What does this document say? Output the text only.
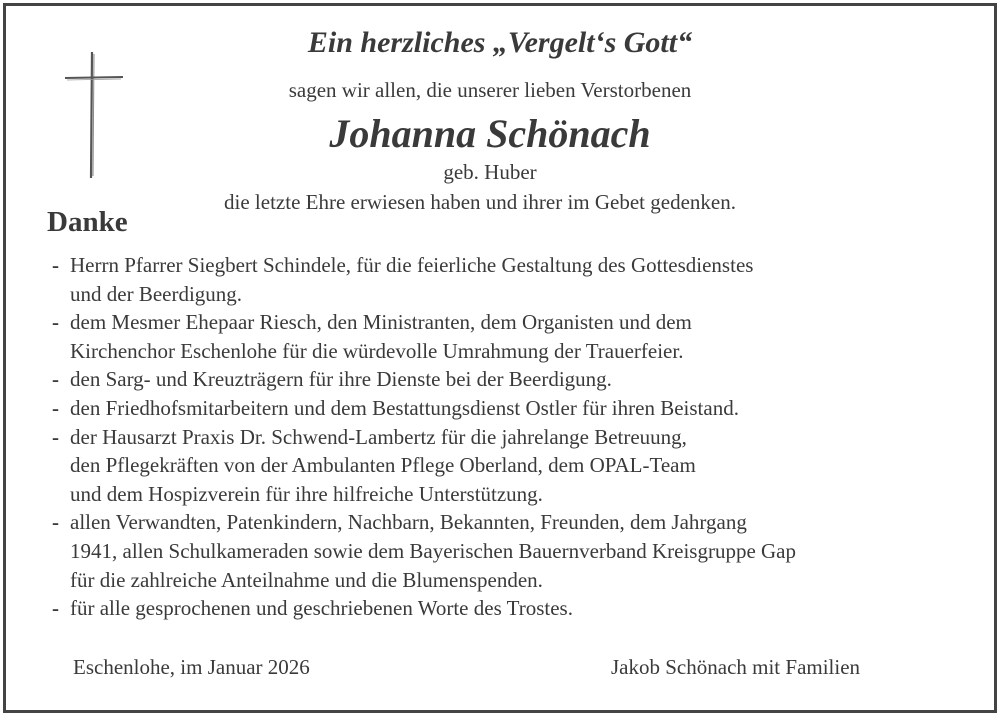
Ein herzliches „Vergelt‘s Gott“
sagen wir allen, die unserer lieben Verstorbenen
Johanna Schönach
geb. Huber
die letzte Ehre erwiesen haben und ihrer im Gebet gedenken.
Danke
- Herrn Pfarrer Siegbert Schindele, für die feierliche Gestaltung des Gottesdienstes
und der Beerdigung.
- dem Mesmer Ehepaar Riesch, den Ministranten, dem Organisten und dem
Kirchenchor Eschenlohe für die würdevolle Umrahmung der Trauerfeier.
- den Sarg- und Kreuzträgern für ihre Dienste bei der Beerdigung.
- den Friedhofsmitarbeitern und dem Bestattungsdienst Ostler für ihren Beistand.
- der Hausarzt Praxis Dr. Schwend-Lambertz für die jahrelange Betreuung,
den Pflegekräften von der Ambulanten Pflege Oberland, dem OPAL-Team
und dem Hospizverein für ihre hilfreiche Unterstützung.
- allen Verwandten, Patenkindern, Nachbarn, Bekannten, Freunden, dem Jahrgang
1941, allen Schulkameraden sowie dem Bayerischen Bauernverband Kreisgruppe Gap
für die zahlreiche Anteilnahme und die Blumenspenden.
- für alle gesprochenen und geschriebenen Worte des Trostes.
Eschenlohe, im Januar 2026	Jakob Schönach mit Familien
